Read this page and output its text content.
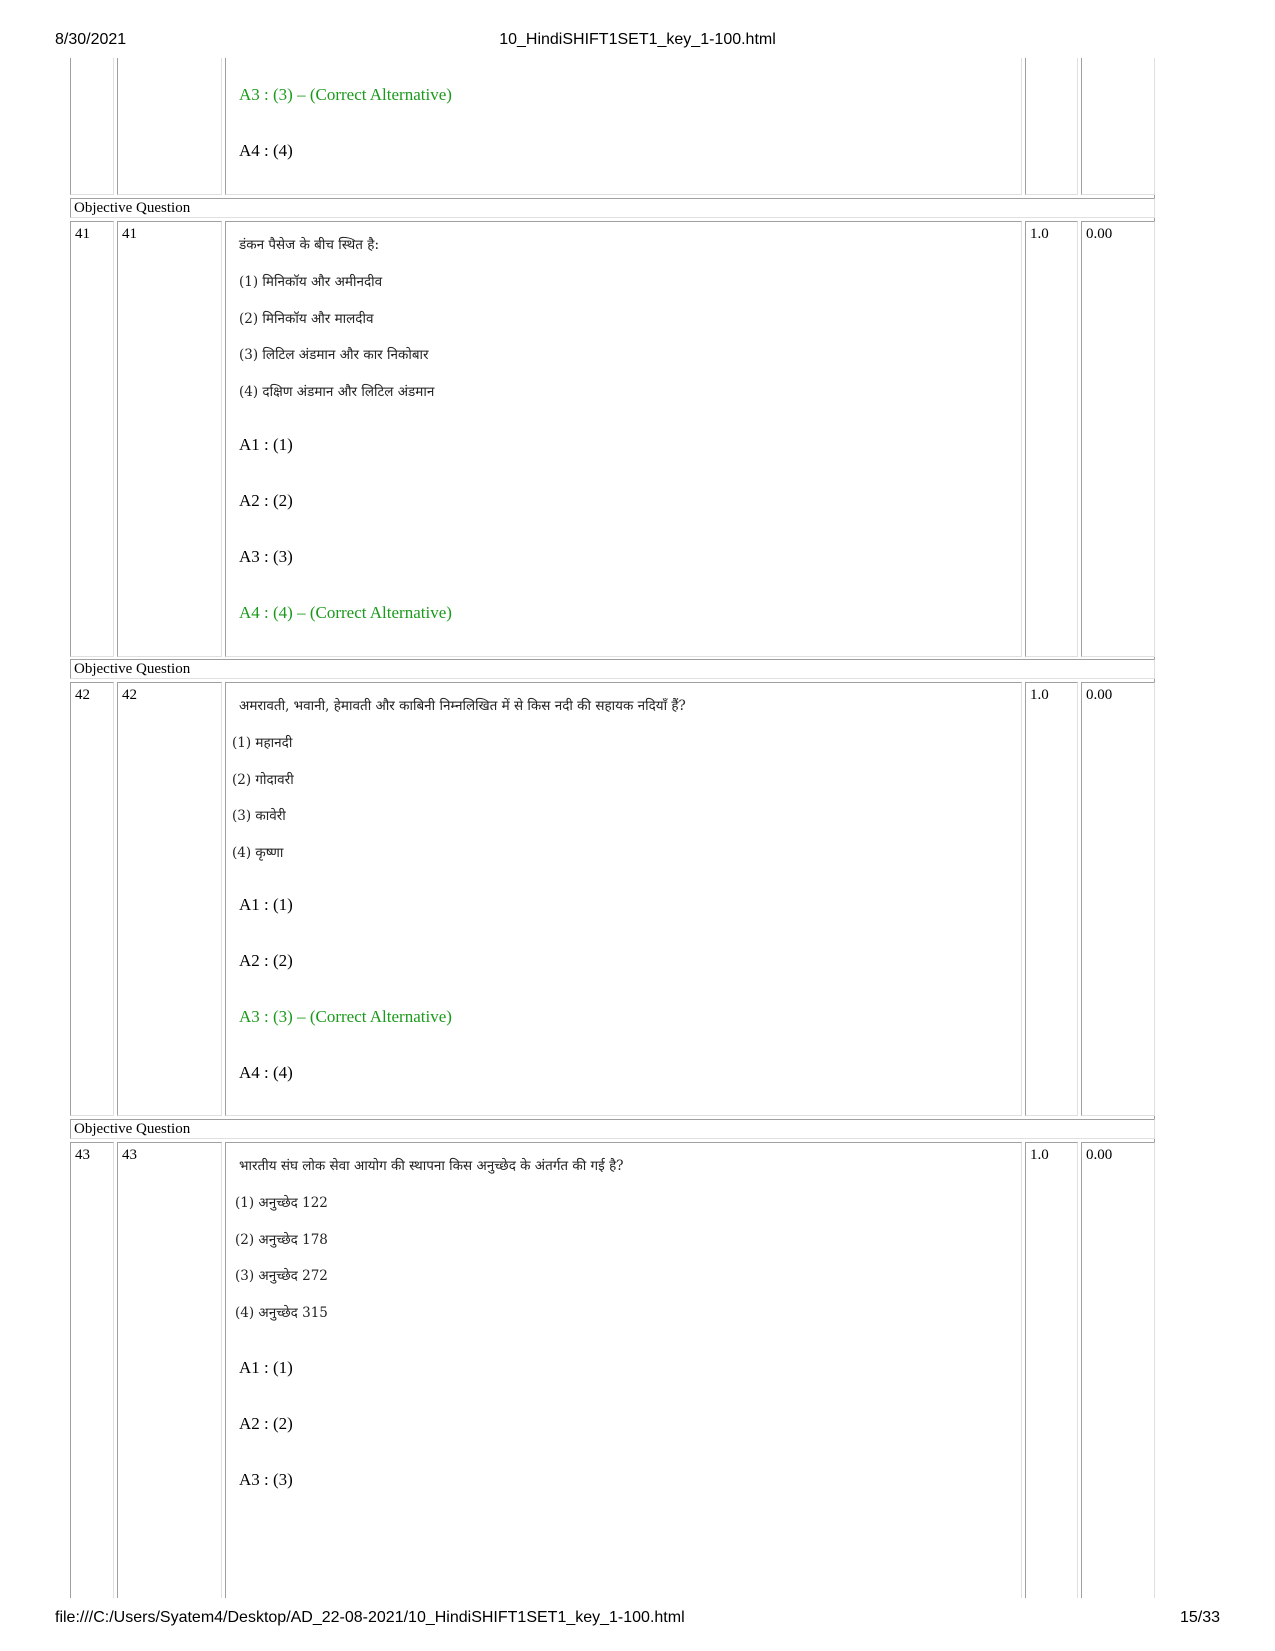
8/30/2021	10_HindiSHIFT1SET1_key_1-100.html
A3 : (3) – (Correct Alternative)
A4 : (4)
Objective Question
41 41
डंकन पैसेज के बीच स्थित है:
(1) मिनिकॉय और अमीनदीव
(2) मिनिकॉय और मालदीव
(3) लिटिल अंडमान और कार निकोबार
(4) दक्षिण अंडमान और लिटिल अंडमान
A1 : (1)
A2 : (2)
A3 : (3)
A4 : (4) – (Correct Alternative)
1.0 0.00
Objective Question
42 42
अमरावती, भवानी, हेमावती और काबिनी निम्नलिखित में से किस नदी की सहायक नदियाँ हैं?
(1) महानदी
(2) गोदावरी
(3) कावेरी
(4) कृष्णा
A1 : (1)
A2 : (2)
A3 : (3) – (Correct Alternative)
A4 : (4)
1.0 0.00
Objective Question
43 43
भारतीय संघ लोक सेवा आयोग की स्थापना किस अनुच्छेद के अंतर्गत की गई है?
(1) अनुच्छेद 122
(2) अनुच्छेद 178
(3) अनुच्छेद 272
(4) अनुच्छेद 315
A1 : (1)
A2 : (2)
A3 : (3)
1.0 0.00
file:///C:/Users/Syatem4/Desktop/AD_22-08-2021/10_HindiSHIFT1SET1_key_1-100.html	15/33
